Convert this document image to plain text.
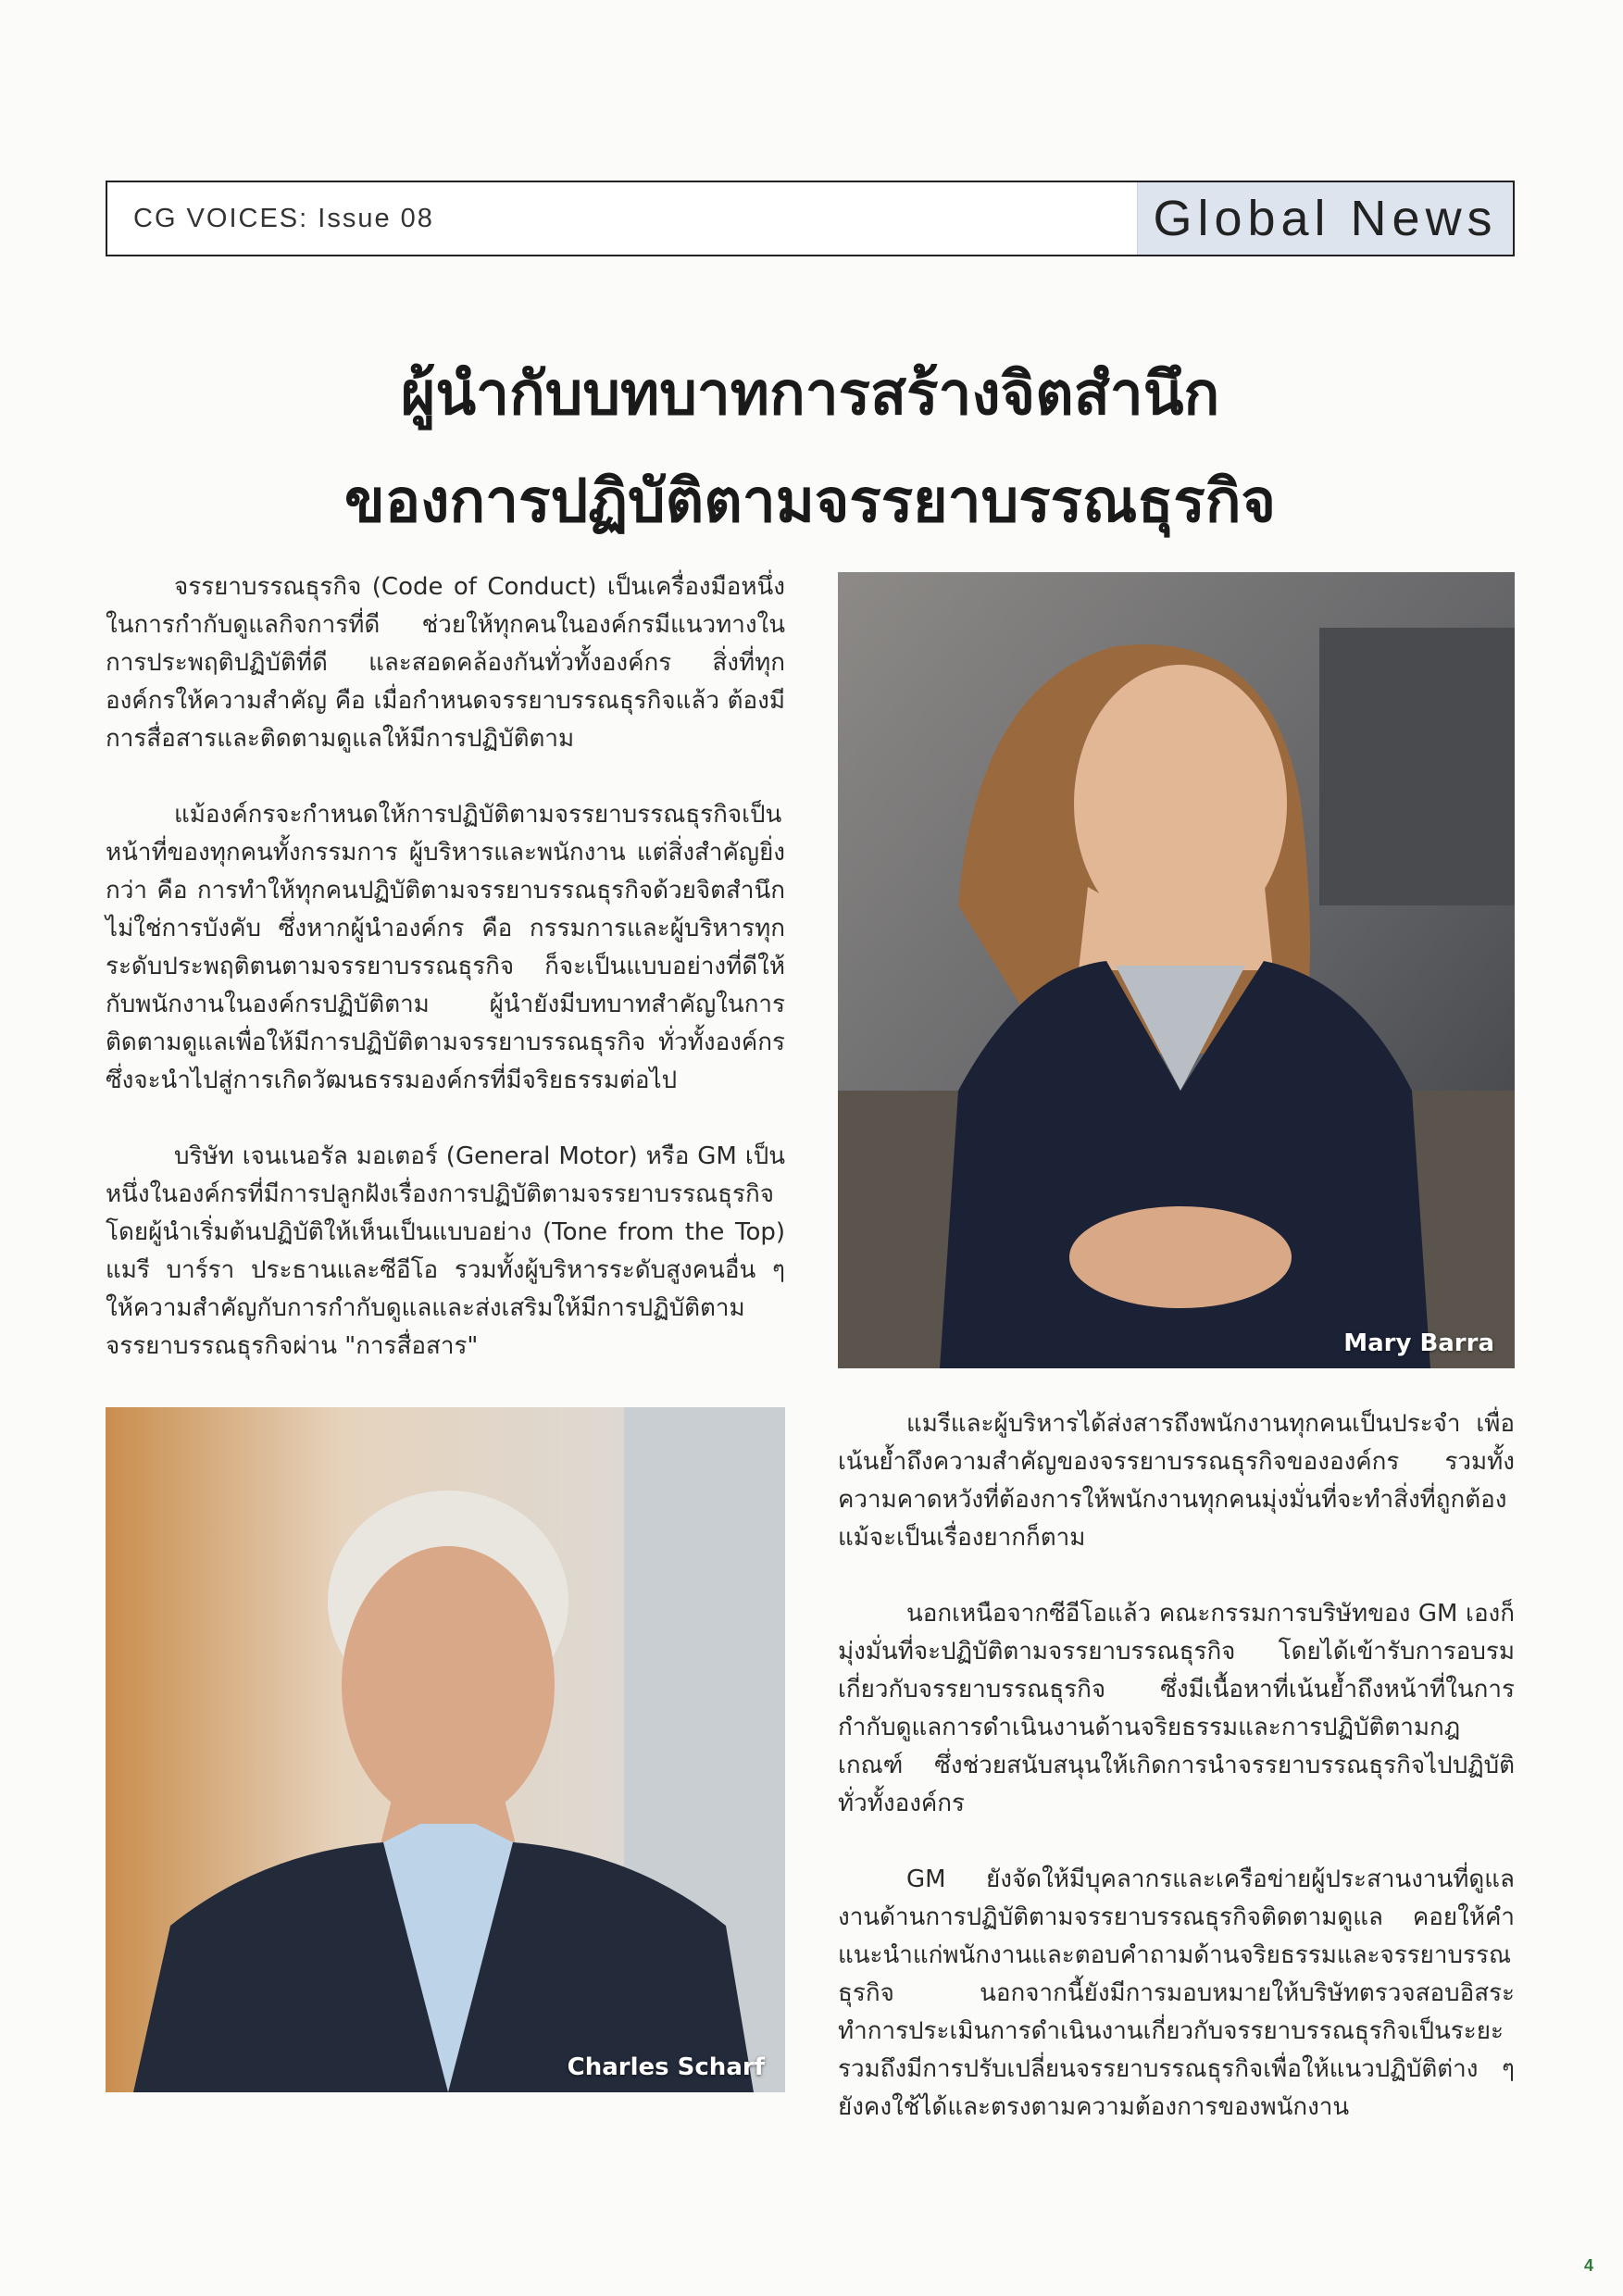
CG VOICES: Issue 08	Global News
ผู้นำกับบทบาทการสร้างจิตสำนึก
ของการปฏิบัติตามจรรยาบรรณธุรกิจ

จรรยาบรรณธุรกิจ (Code of Conduct) เป็นเครื่องมือหนึ่งในการกำกับดูแลกิจการที่ดี ช่วยให้ทุกคนในองค์กรมีแนวทางในการประพฤติปฏิบัติที่ดี และสอดคล้องกันทั่วทั้งองค์กร สิ่งที่ทุกองค์กรให้ความสำคัญ คือ เมื่อกำหนดจรรยาบรรณธุรกิจแล้ว ต้องมีการสื่อสารและติดตามดูแลให้มีการปฏิบัติตาม

แม้องค์กรจะกำหนดให้การปฏิบัติตามจรรยาบรรณธุรกิจเป็นหน้าที่ของทุกคนทั้งกรรมการ ผู้บริหารและพนักงาน แต่สิ่งสำคัญยิ่งกว่า คือ การทำให้ทุกคนปฏิบัติตามจรรยาบรรณธุรกิจด้วยจิตสำนึก ไม่ใช่การบังคับ ซึ่งหากผู้นำองค์กร คือ กรรมการและผู้บริหารทุกระดับประพฤติตนตามจรรยาบรรณธุรกิจ ก็จะเป็นแบบอย่างที่ดีให้กับพนักงานในองค์กรปฏิบัติตาม ผู้นำยังมีบทบาทสำคัญในการติดตามดูแลเพื่อให้มีการปฏิบัติตามจรรยาบรรณธุรกิจ ทั่วทั้งองค์กร ซึ่งจะนำไปสู่การเกิดวัฒนธรรมองค์กรที่มีจริยธรรมต่อไป

บริษัท เจนเนอรัล มอเตอร์ (General Motor) หรือ GM เป็นหนึ่งในองค์กรที่มีการปลูกฝังเรื่องการปฏิบัติตามจรรยาบรรณธุรกิจ โดยผู้นำเริ่มต้นปฏิบัติให้เห็นเป็นแบบอย่าง (Tone from the Top) แมรี บาร์รา ประธานและซีอีโอ รวมทั้งผู้บริหารระดับสูงคนอื่น ๆ ให้ความสำคัญกับการกำกับดูแลและส่งเสริมให้มีการปฏิบัติตามจรรยาบรรณธุรกิจผ่าน "การสื่อสาร"	Mary Barra
Charles Scharf

แมรีและผู้บริหารได้ส่งสารถึงพนักงานทุกคนเป็นประจำ เพื่อเน้นย้ำถึงความสำคัญของจรรยาบรรณธุรกิจขององค์กร รวมทั้งความคาดหวังที่ต้องการให้พนักงานทุกคนมุ่งมั่นที่จะทำสิ่งที่ถูกต้อง แม้จะเป็นเรื่องยากก็ตาม

นอกเหนือจากซีอีโอแล้ว คณะกรรมการบริษัทของ GM เองก็มุ่งมั่นที่จะปฏิบัติตามจรรยาบรรณธุรกิจ โดยได้เข้ารับการอบรมเกี่ยวกับจรรยาบรรณธุรกิจ ซึ่งมีเนื้อหาที่เน้นย้ำถึงหน้าที่ในการกำกับดูแลการดำเนินงานด้านจริยธรรมและการปฏิบัติตามกฎเกณฑ์ ซึ่งช่วยสนับสนุนให้เกิดการนำจรรยาบรรณธุรกิจไปปฏิบัติทั่วทั้งองค์กร

GM ยังจัดให้มีบุคลากรและเครือข่ายผู้ประสานงานที่ดูแลงานด้านการปฏิบัติตามจรรยาบรรณธุรกิจติดตามดูแล คอยให้คำแนะนำแก่พนักงานและตอบคำถามด้านจริยธรรมและจรรยาบรรณธุรกิจ นอกจากนี้ยังมีการมอบหมายให้บริษัทตรวจสอบอิสระ ทำการประเมินการดำเนินงานเกี่ยวกับจรรยาบรรณธุรกิจเป็นระยะ รวมถึงมีการปรับเปลี่ยนจรรยาบรรณธุรกิจเพื่อให้แนวปฏิบัติต่าง ๆ ยังคงใช้ได้และตรงตามความต้องการของพนักงาน

4
